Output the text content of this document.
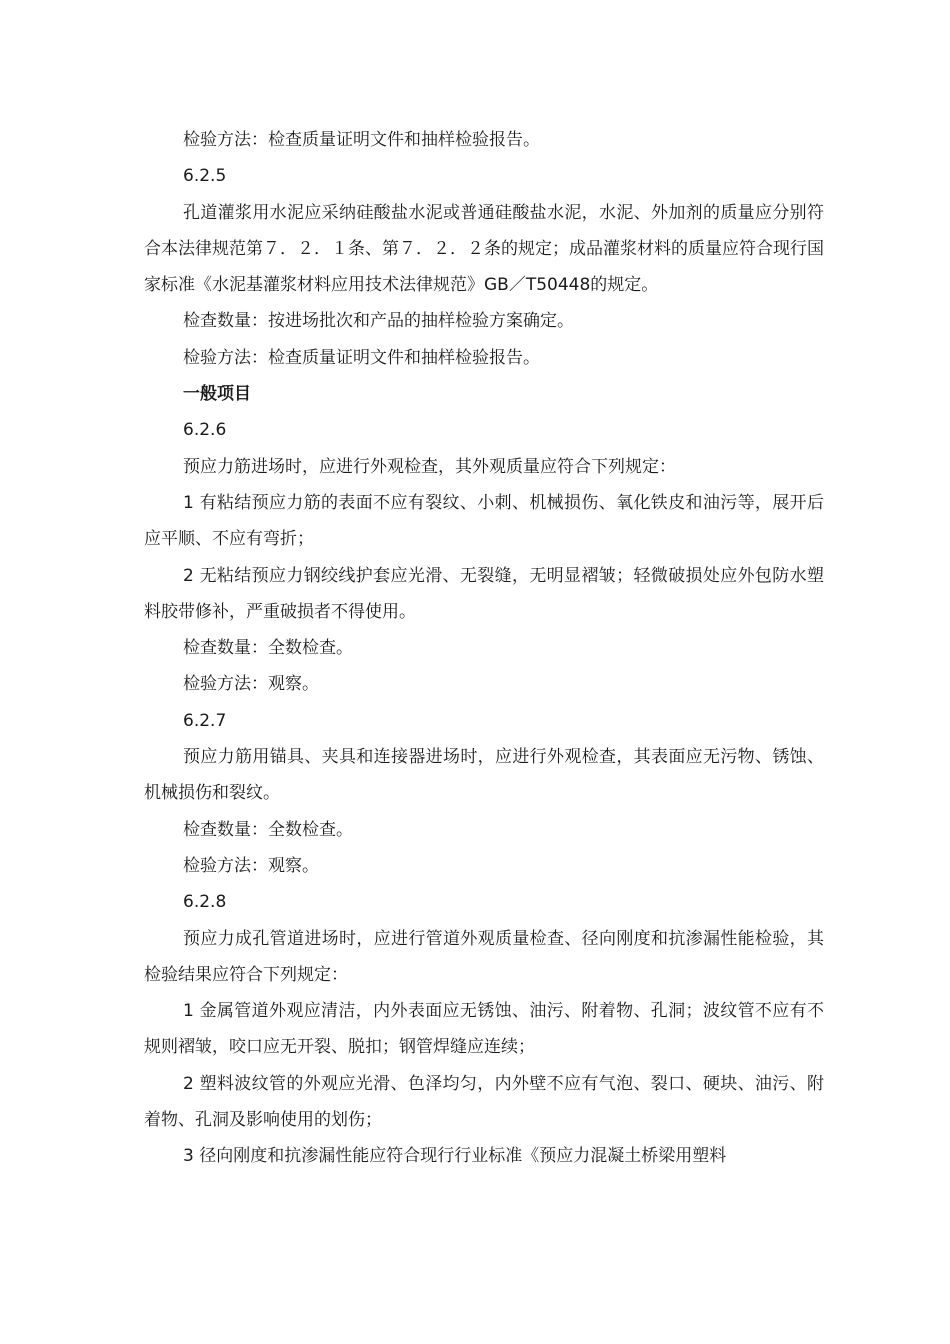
检验方法：检查质量证明文件和抽样检验报告。
6.2.5
孔道灌浆用水泥应采纳硅酸盐水泥或普通硅酸盐水泥，水泥、外加剂的质量应分别符合本法律规范第７．２．１条、第７．２．２条的规定；成品灌浆材料的质量应符合现行国家标准《水泥基灌浆材料应用技术法律规范》GB／T50448的规定。
检查数量：按进场批次和产品的抽样检验方案确定。
检验方法：检查质量证明文件和抽样检验报告。
一般项目
6.2.6
预应力筋进场时，应进行外观检查，其外观质量应符合下列规定：
1 有粘结预应力筋的表面不应有裂纹、小刺、机械损伤、氧化铁皮和油污等，展开后应平顺、不应有弯折；
2 无粘结预应力钢绞线护套应光滑、无裂缝，无明显褶皱；轻微破损处应外包防水塑料胶带修补，严重破损者不得使用。
检查数量：全数检查。
检验方法：观察。
6.2.7
预应力筋用锚具、夹具和连接器进场时，应进行外观检查，其表面应无污物、锈蚀、机械损伤和裂纹。
检查数量：全数检查。
检验方法：观察。
6.2.8
预应力成孔管道进场时，应进行管道外观质量检查、径向刚度和抗渗漏性能检验，其检验结果应符合下列规定：
1 金属管道外观应清洁，内外表面应无锈蚀、油污、附着物、孔洞；波纹管不应有不规则褶皱，咬口应无开裂、脱扣；钢管焊缝应连续；
2 塑料波纹管的外观应光滑、色泽均匀，内外壁不应有气泡、裂口、硬块、油污、附着物、孔洞及影响使用的划伤；
3 径向刚度和抗渗漏性能应符合现行行业标准《预应力混凝土桥梁用塑料
